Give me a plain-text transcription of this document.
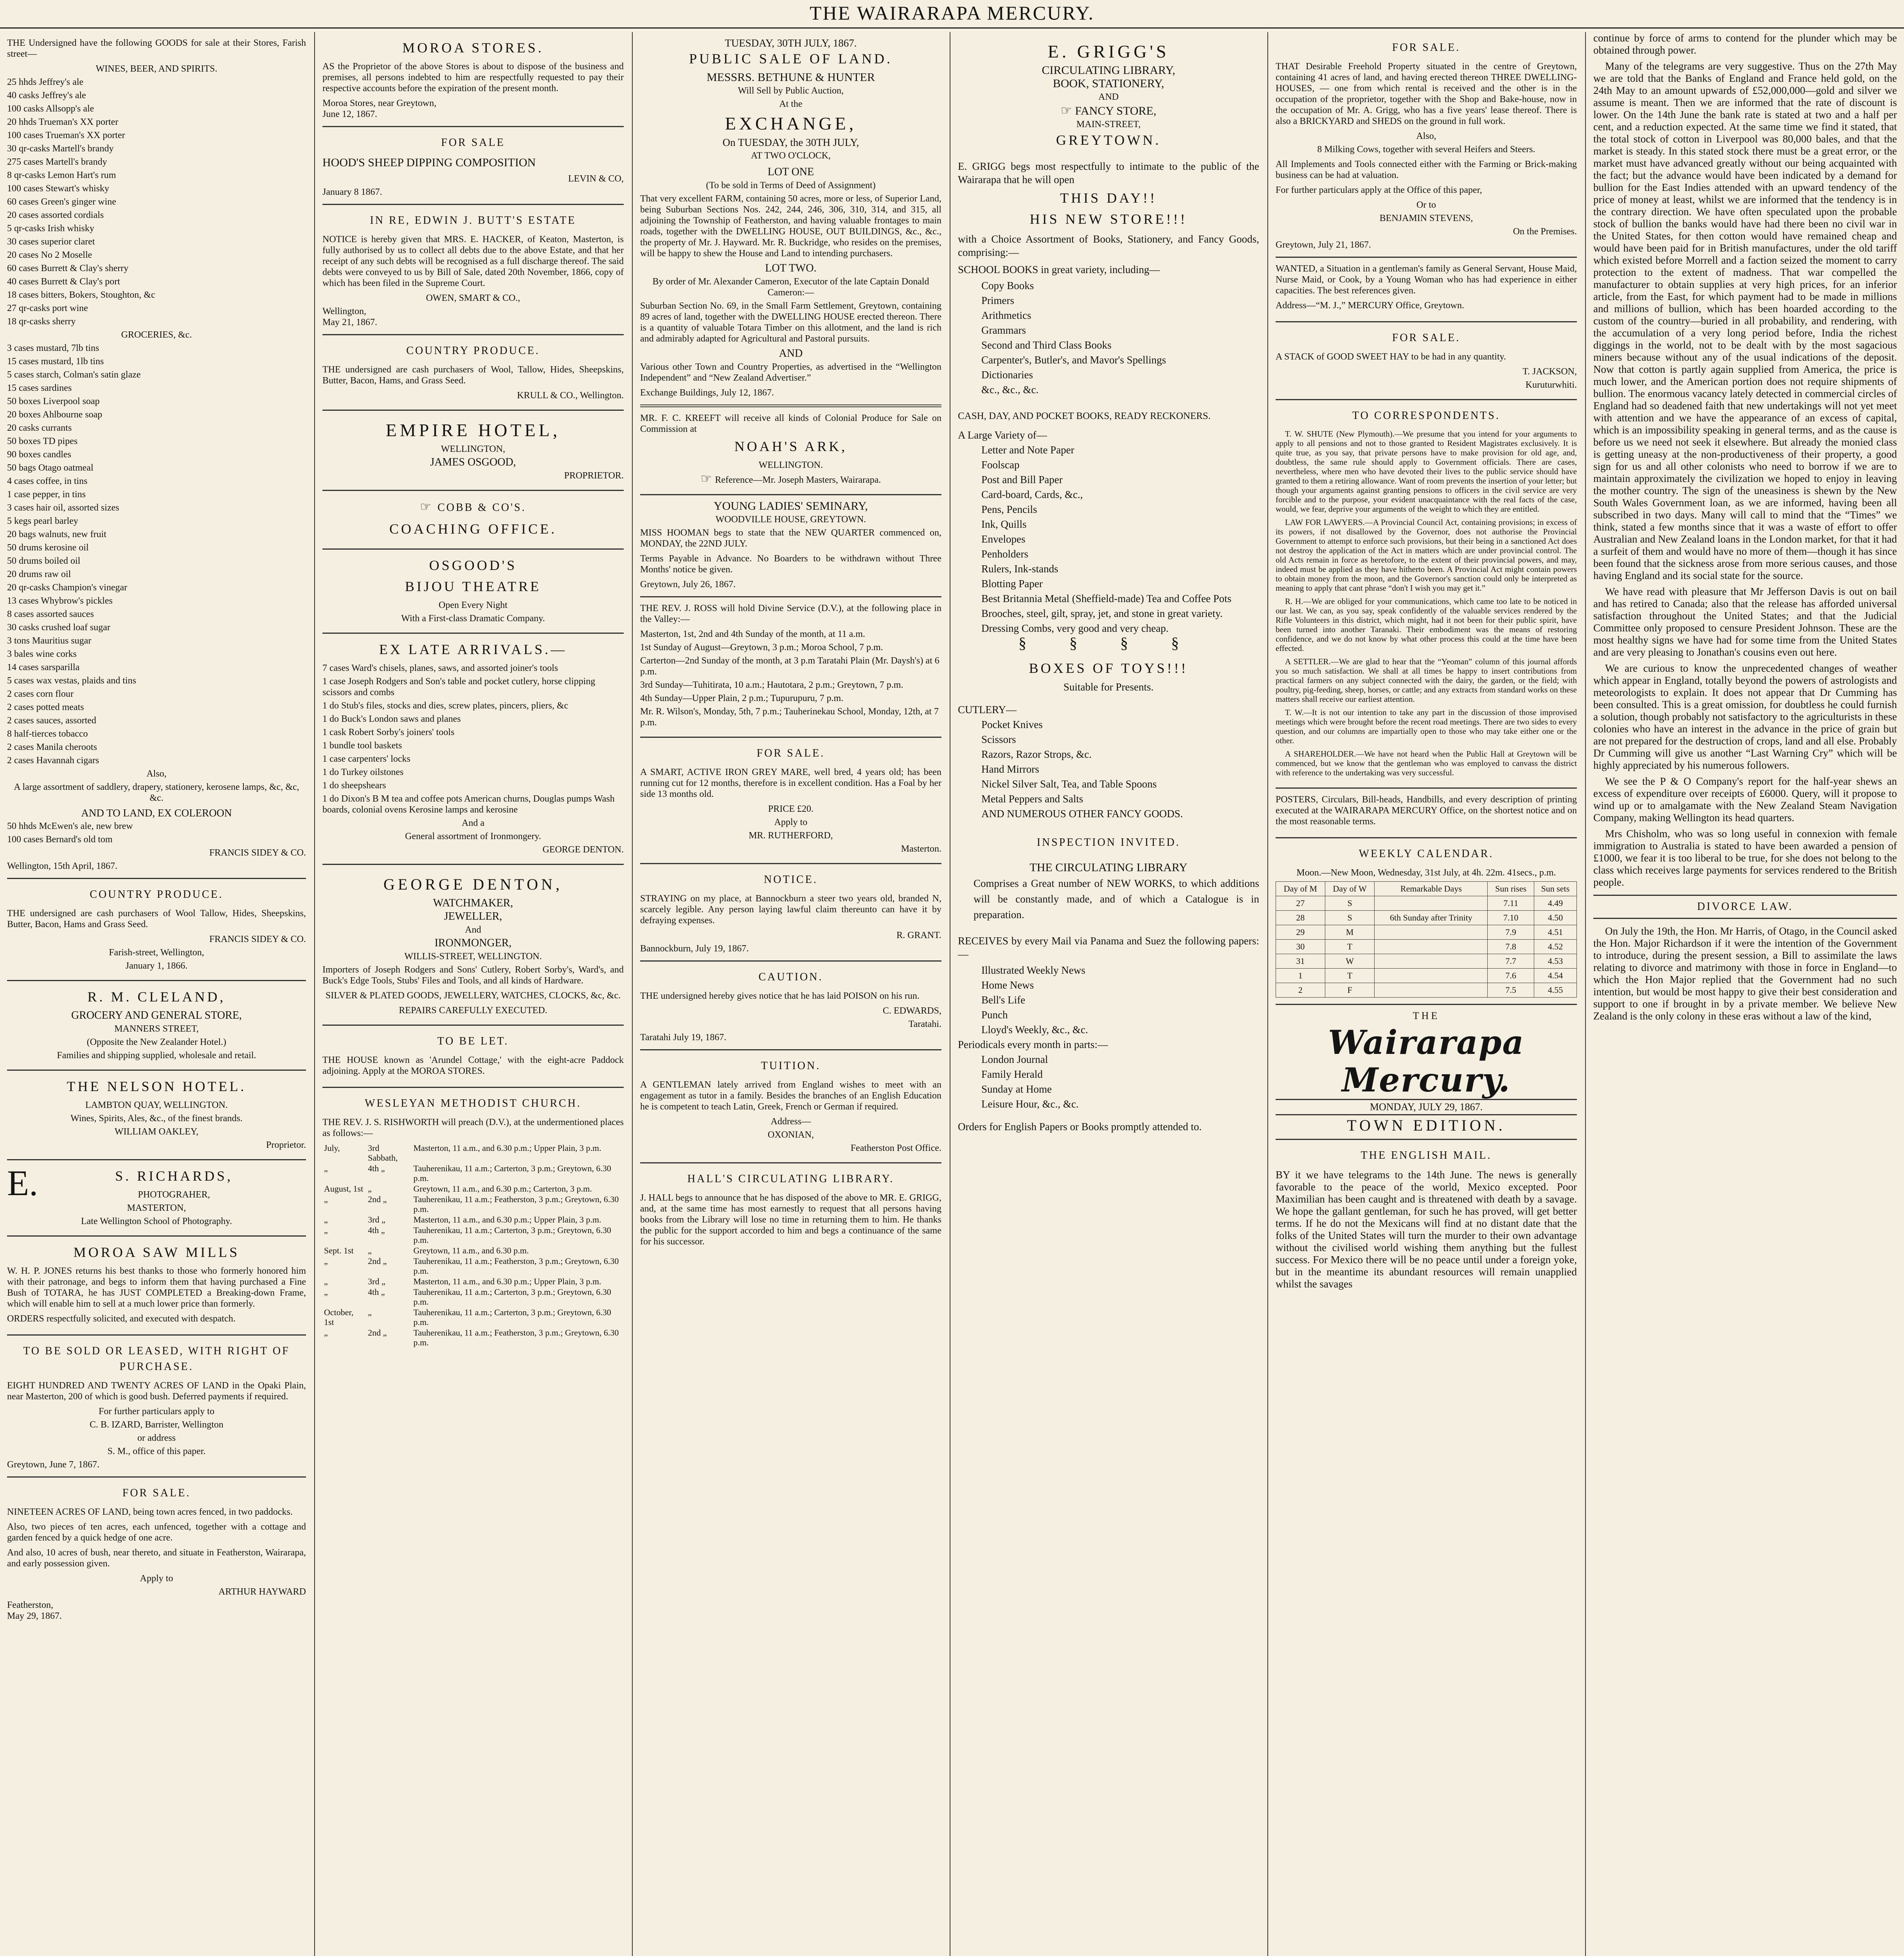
THE WAIRARAPA MERCURY.

THE Undersigned have the following GOODS for sale at their Stores, Farish street—

WINES, BEER, AND SPIRITS.
25 hhds Jeffrey's ale
40 casks Jeffrey's ale
100 casks Allsopp's ale
20 hhds Trueman's XX porter
100 cases Trueman's XX porter
30 qr-casks Martell's brandy
275 cases Martell's brandy
8 qr-casks Lemon Hart's rum
100 cases Stewart's whisky
60 cases Green's ginger wine
20 cases assorted cordials
5 qr-casks Irish whisky
30 cases superior claret
20 cases No 2 Moselle
60 cases Burrett & Clay's sherry
40 cases Burrett & Clay's port
18 cases bitters, Bokers, Stoughton, &c
27 qr-casks port wine
18 qr-casks sherry
GROCERIES, &c.
3 cases mustard, 7lb tins
15 cases mustard, 1lb tins
5 cases starch, Colman's satin glaze
15 cases sardines
50 boxes Liverpool soap
20 boxes Ahlbourne soap
20 casks currants
50 boxes TD pipes
90 boxes candles
50 bags Otago oatmeal
4 cases coffee, in tins
1 case pepper, in tins
3 cases hair oil, assorted sizes
5 kegs pearl barley
20 bags walnuts, new fruit
50 drums kerosine oil
50 drums boiled oil
20 drums raw oil
20 qr-casks Champion's vinegar
13 cases Whybrow's pickles
8 cases assorted sauces
30 casks crushed loaf sugar
3 tons Mauritius sugar
3 bales wine corks
14 cases sarsparilla
5 cases wax vestas, plaids and tins
2 cases corn flour
2 cases potted meats
2 cases sauces, assorted
8 half-tierces tobacco
2 cases Manila cheroots
2 cases Havannah cigars
Also,

A large assortment of saddlery, drapery, stationery, kerosene lamps, &c, &c, &c.

AND TO LAND, EX COLEROON
50 hhds McEwen's ale, new brew
100 cases Bernard's old tom
FRANCIS SIDEY & CO.
Wellington, 15th April, 1867.
COUNTRY PRODUCE.

THE undersigned are cash purchasers of Wool Tallow, Hides, Sheepskins, Butter, Bacon, Hams and Grass Seed.

FRANCIS SIDEY & CO.
Farish-street, Wellington,
January 1, 1866.
R. M. CLELAND,
GROCERY AND GENERAL STORE,
MANNERS STREET,
(Opposite the New Zealander Hotel.)
Families and shipping supplied, wholesale and retail.
THE NELSON HOTEL.
LAMBTON QUAY, WELLINGTON.
Wines, Spirits, Ales, &c., of the finest brands.
WILLIAM OAKLEY,
Proprietor.
E.	S. RICHARDS,
PHOTOGRAHER,
MASTERTON,
Late Wellington School of Photography.
MOROA SAW MILLS

W. H. P. JONES returns his best thanks to those who formerly honored him with their patronage, and begs to inform them that having purchased a Fine Bush of TOTARA, he has JUST COMPLETED a Breaking-down Frame, which will enable him to sell at a much lower price than formerly.

ORDERS respectfully solicited, and executed with despatch.

TO BE SOLD OR LEASED, WITH RIGHT OF PURCHASE.

EIGHT HUNDRED AND TWENTY ACRES OF LAND in the Opaki Plain, near Masterton, 200 of which is good bush. Deferred payments if required.

For further particulars apply to
C. B. IZARD, Barrister, Wellington
or address
S. M., office of this paper.
Greytown, June 7, 1867.
FOR SALE.

NINETEEN ACRES OF LAND, being town acres fenced, in two paddocks.

Also, two pieces of ten acres, each unfenced, together with a cottage and garden fenced by a quick hedge of one acre.

And also, 10 acres of bush, near thereto, and situate in Featherston, Wairarapa, and early possession given.

Apply to
ARTHUR HAYWARD
Featherston,
May 29, 1867.
MOROA STORES.

AS the Proprietor of the above Stores is about to dispose of the business and premises, all persons indebted to him are respectfully requested to pay their respective accounts before the expiration of the present month.

Moroa Stores, near Greytown,
June 12, 1867.
FOR SALE

HOOD'S SHEEP DIPPING COMPOSITION

LEVIN & CO,
January 8 1867.
IN RE, EDWIN J. BUTT'S ESTATE

NOTICE is hereby given that MRS. E. HACKER, of Keaton, Masterton, is fully authorised by us to collect all debts due to the above Estate, and that her receipt of any such debts will be recognised as a full discharge thereof. The said debts were conveyed to us by Bill of Sale, dated 20th November, 1866, copy of which has been filed in the Supreme Court.

OWEN, SMART & CO.,
Wellington,
May 21, 1867.
COUNTRY PRODUCE.

THE undersigned are cash purchasers of Wool, Tallow, Hides, Sheepskins, Butter, Bacon, Hams, and Grass Seed.

KRULL & CO., Wellington.
EMPIRE HOTEL,
WELLINGTON,
JAMES OSGOOD,
PROPRIETOR.
☞ COBB & CO'S.
COACHING OFFICE.
OSGOOD'S
BIJOU THEATRE
Open Every Night
With a First-class Dramatic Company.
EX LATE ARRIVALS.—
7 cases Ward's chisels, planes, saws, and assorted joiner's tools
1 case Joseph Rodgers and Son's table and pocket cutlery, horse clipping scissors and combs
1 do Stub's files, stocks and dies, screw plates, pincers, pliers, &c
1 do Buck's London saws and planes
1 cask Robert Sorby's joiners' tools
1 bundle tool baskets
1 case carpenters' locks
1 do Turkey oilstones
1 do sheepshears
1 do Dixon's B M tea and coffee pots American churns, Douglas pumps Wash boards, colonial ovens Kerosine lamps and kerosine
And a
General assortment of Ironmongery.
GEORGE DENTON.
GEORGE DENTON,
WATCHMAKER,
JEWELLER,
And
IRONMONGER,
WILLIS-STREET, WELLINGTON.

Importers of Joseph Rodgers and Sons' Cutlery, Robert Sorby's, Ward's, and Buck's Edge Tools, Stubs' Files and Tools, and all kinds of Hardware.

SILVER & PLATED GOODS, JEWELLERY, WATCHES, CLOCKS, &c, &c.

REPAIRS CAREFULLY EXECUTED.
TO BE LET.

THE HOUSE known as 'Arundel Cottage,' with the eight-acre Paddock adjoining. Apply at the MOROA STORES.

WESLEYAN METHODIST CHURCH.

THE REV. J. S. RISHWORTH will preach (D.V.), at the undermentioned places as follows:—

July,	3rd Sabbath,	Masterton, 11 a.m., and 6.30 p.m.; Upper Plain, 3 p.m.
„	4th „	Tauherenikau, 11 a.m.; Carterton, 3 p.m.; Greytown, 6.30 p.m.
August, 1st	„	Greytown, 11 a.m., and 6.30 p.m.; Carterton, 3 p.m.
„	2nd „	Tauherenikau, 11 a.m.; Featherston, 3 p.m.; Greytown, 6.30 p.m.
„	3rd „	Masterton, 11 a.m., and 6.30 p.m.; Upper Plain, 3 p.m.
„	4th „	Tauherenikau, 11 a.m.; Carterton, 3 p.m.; Greytown, 6.30 p.m.
Sept. 1st	„	Greytown, 11 a.m., and 6.30 p.m.
„	2nd „	Tauherenikau, 11 a.m.; Featherston, 3 p.m.; Greytown, 6.30 p.m.
„	3rd „	Masterton, 11 a.m., and 6.30 p.m.; Upper Plain, 3 p.m.
„	4th „	Tauherenikau, 11 a.m.; Carterton, 3 p.m.; Greytown, 6.30 p.m.
October, 1st	„	Tauherenikau, 11 a.m.; Carterton, 3 p.m.; Greytown, 6.30 p.m.
„	2nd „	Tauherenikau, 11 a.m.; Featherston, 3 p.m.; Greytown, 6.30 p.m.
TUESDAY, 30TH JULY, 1867.
PUBLIC SALE OF LAND.
MESSRS. BETHUNE & HUNTER
Will Sell by Public Auction,
At the
EXCHANGE,
On TUESDAY, the 30TH JULY,
AT TWO O'CLOCK,
LOT ONE
(To be sold in Terms of Deed of Assignment)

That very excellent FARM, containing 50 acres, more or less, of Superior Land, being Suburban Sections Nos. 242, 244, 246, 306, 310, 314, and 315, all adjoining the Township of Featherston, and having valuable frontages to main roads, together with the DWELLING HOUSE, OUT BUILDINGS, &c., &c., the property of Mr. J. Hayward. Mr. R. Buckridge, who resides on the premises, will be happy to shew the House and Land to intending purchasers.

LOT TWO.
By order of Mr. Alexander Cameron, Executor of the late Captain Donald Cameron:—

Suburban Section No. 69, in the Small Farm Settlement, Greytown, containing 89 acres of land, together with the DWELLING HOUSE erected thereon. There is a quantity of valuable Totara Timber on this allotment, and the land is rich and admirably adapted for Agricultural and Pastoral pursuits.

AND

Various other Town and Country Properties, as advertised in the “Wellington Independent” and “New Zealand Advertiser.”

Exchange Buildings, July 12, 1867.

MR. F. C. KREEFT will receive all kinds of Colonial Produce for Sale on Commission at

NOAH'S ARK,
WELLINGTON.
☞ Reference—Mr. Joseph Masters, Wairarapa.
YOUNG LADIES' SEMINARY,
WOODVILLE HOUSE, GREYTOWN.

MISS HOOMAN begs to state that the NEW QUARTER commenced on, MONDAY, the 22ND JULY.

Terms Payable in Advance. No Boarders to be withdrawn without Three Months' notice be given.

Greytown, July 26, 1867.

THE REV. J. ROSS will hold Divine Service (D.V.), at the following place in the Valley:—

Masterton, 1st, 2nd and 4th Sunday of the month, at 11 a.m.
1st Sunday of August—Greytown, 3 p.m.; Moroa School, 7 p.m.
Carterton—2nd Sunday of the month, at 3 p.m Taratahi Plain (Mr. Daysh's) at 6 p.m.
3rd Sunday—Tuhitirata, 10 a.m.; Hautotara, 2 p.m.; Greytown, 7 p.m.
4th Sunday—Upper Plain, 2 p.m.; Tupurupuru, 7 p.m.
Mr. R. Wilson's, Monday, 5th, 7 p.m.; Tauherinekau School, Monday, 12th, at 7 p.m.
FOR SALE.

A SMART, ACTIVE IRON GREY MARE, well bred, 4 years old; has been running cut for 12 months, therefore is in excellent condition. Has a Foal by her side 13 months old.

PRICE £20.
Apply to
MR. RUTHERFORD,
Masterton.
NOTICE.

STRAYING on my place, at Bannockburn a steer two years old, branded N, scarcely legible. Any person laying lawful claim thereunto can have it by defraying expenses.

R. GRANT.
Bannockburn, July 19, 1867.
CAUTION.

THE undersigned hereby gives notice that he has laid POISON on his run.

C. EDWARDS,
Taratahi.
Taratahi July 19, 1867.
TUITION.

A GENTLEMAN lately arrived from England wishes to meet with an engagement as tutor in a family. Besides the branches of an English Education he is competent to teach Latin, Greek, French or German if required.

Address—
OXONIAN,
Featherston Post Office.
HALL'S CIRCULATING LIBRARY.

J. HALL begs to announce that he has disposed of the above to MR. E. GRIGG, and, at the same time has most earnestly to request that all persons having books from the Library will lose no time in returning them to him. He thanks the public for the support accorded to him and begs a continuance of the same for his successor.

E. GRIGG'S
CIRCULATING LIBRARY,
BOOK, STATIONERY,
AND
☞ FANCY STORE,
MAIN-STREET,
GREYTOWN.

E. GRIGG begs most respectfully to intimate to the public of the Wairarapa that he will open

THIS DAY!!
HIS NEW STORE!!!

with a Choice Assortment of Books, Stationery, and Fancy Goods, comprising:—

SCHOOL BOOKS in great variety, including—

Copy Books
Primers
Arithmetics
Grammars
Second and Third Class Books
Carpenter's, Butler's, and Mavor's Spellings
Dictionaries
&c., &c., &c.

CASH, DAY, AND POCKET BOOKS, READY RECKONERS.

A Large Variety of—

Letter and Note Paper
Foolscap
Post and Bill Paper
Card-board, Cards, &c.,
Pens, Pencils
Ink, Quills
Envelopes
Penholders
Rulers, Ink-stands
Blotting Paper
Best Britannia Metal (Sheffield-made) Tea and Coffee Pots
Brooches, steel, gilt, spray, jet, and stone in great variety.
Dressing Combs, very good and very cheap.
§ § § §
BOXES OF TOYS!!!
Suitable for Presents.

CUTLERY—

Pocket Knives
Scissors
Razors, Razor Strops, &c.
Hand Mirrors
Nickel Silver Salt, Tea, and Table Spoons
Metal Peppers and Salts
AND NUMEROUS OTHER FANCY GOODS.
INSPECTION INVITED.
THE CIRCULATING LIBRARY

Comprises a Great number of NEW WORKS, to which additions will be constantly made, and of which a Catalogue is in preparation.

RECEIVES by every Mail via Panama and Suez the following papers:—

Illustrated Weekly News
Home News
Bell's Life
Punch
Lloyd's Weekly, &c., &c.

Periodicals every month in parts:—

London Journal
Family Herald
Sunday at Home
Leisure Hour, &c., &c.

Orders for English Papers or Books promptly attended to.

FOR SALE.

THAT Desirable Freehold Property situated in the centre of Greytown, containing 41 acres of land, and having erected thereon THREE DWELLING-HOUSES, — one from which rental is received and the other is in the occupation of the proprietor, together with the Shop and Bake-house, now in the occupation of Mr. A. Grigg, who has a five years' lease thereof. There is also a BRICKYARD and SHEDS on the ground in full work.

Also,

8 Milking Cows, together with several Heifers and Steers.

All Implements and Tools connected either with the Farming or Brick-making business can be had at valuation.

For further particulars apply at the Office of this paper,

Or to
BENJAMIN STEVENS,
On the Premises.
Greytown, July 21, 1867.

WANTED, a Situation in a gentleman's family as General Servant, House Maid, Nurse Maid, or Cook, by a Young Woman who has had experience in either capacities. The best references given.

Address—“M. J.,” MERCURY Office, Greytown.

FOR SALE.

A STACK of GOOD SWEET HAY to be had in any quantity.

T. JACKSON,
Kuruturwhiti.
TO CORRESPONDENTS.

T. W. SHUTE (New Plymouth).—We presume that you intend for your arguments to apply to all pensions and not to those granted to Resident Magistrates exclusively. It is quite true, as you say, that private persons have to make provision for old age, and, doubtless, the same rule should apply to Government officials. There are cases, nevertheless, where men who have devoted their lives to the public service should have granted to them a retiring allowance. Want of room prevents the insertion of your letter; but though your arguments against granting pensions to officers in the civil service are very forcible and to the purpose, your evident unacquaintance with the real facts of the case, would, we fear, deprive your arguments of the weight to which they are entitled.

LAW FOR LAWYERS.—A Provincial Council Act, containing provisions; in excess of its powers, if not disallowed by the Governor, does not authorise the Provincial Government to attempt to enforce such provisions, but their being in a sanctioned Act does not destroy the application of the Act in matters which are under provincial control. The old Acts remain in force as heretofore, to the extent of their provincial powers, and may, indeed must be applied as they have hitherto been. A Provincial Act might contain powers to obtain money from the moon, and the Governor's sanction could only be interpreted as meaning to apply that cant phrase “don't I wish you may get it.”

R. H.—We are obliged for your communications, which came too late to be noticed in our last. We can, as you say, speak confidently of the valuable services rendered by the Rifle Volunteers in this district, which might, had it not been for their public spirit, have been turned into another Taranaki. Their embodiment was the means of restoring confidence, and we do not know by what other process this could at the time have been effected.

A SETTLER.—We are glad to hear that the “Yeoman” column of this journal affords you so much satisfaction. We shall at all times be happy to insert contributions from practical farmers on any subject connected with the dairy, the garden, or the field; with poultry, pig-feeding, sheep, horses, or cattle; and any extracts from standard works on these matters shall receive our earliest attention.

T. W.—It is not our intention to take any part in the discussion of those improvised meetings which were brought before the recent road meetings. There are two sides to every question, and our columns are impartially open to those who may take either one or the other.

A SHAREHOLDER.—We have not heard when the Public Hall at Greytown will be commenced, but we know that the gentleman who was employed to canvass the district with reference to the undertaking was very successful.

POSTERS, Circulars, Bill-heads, Handbills, and every description of printing executed at the WAIRARAPA MERCURY Office, on the shortest notice and on the most reasonable terms.

WEEKLY CALENDAR.
Moon.—New Moon, Wednesday, 31st July, at 4h. 22m. 41secs., p.m.
Day of M	Day of W	Remarkable Days	Sun rises	Sun sets
27	S		7.11	4.49
28	S	6th Sunday after Trinity	7.10	4.50
29	M		7.9	4.51
30	T		7.8	4.52
31	W		7.7	4.53
1	T		7.6	4.54
2	F		7.5	4.55
THE
Wairarapa Mercury.
MONDAY, JULY 29, 1867.
TOWN EDITION.
THE ENGLISH MAIL.

BY it we have telegrams to the 14th June. The news is generally favorable to the peace of the world, Mexico excepted. Poor Maximilian has been caught and is threatened with death by a savage. We hope the gallant gentleman, for such he has proved, will get better terms. If he do not the Mexicans will find at no distant date that the folks of the United States will turn the murder to their own advantage without the civilised world wishing them anything but the fullest success. For Mexico there will be no peace until under a foreign yoke, but in the meantime its abundant resources will remain unapplied whilst the savages

continue by force of arms to contend for the plunder which may be obtained through power.

Many of the telegrams are very suggestive. Thus on the 27th May we are told that the Banks of England and France held gold, on the 24th May to an amount upwards of £52,000,000—gold and silver we assume is meant. Then we are informed that the rate of discount is lower. On the 14th June the bank rate is stated at two and a half per cent, and a reduction expected. At the same time we find it stated, that the total stock of cotton in Liverpool was 80,000 bales, and that the market is steady. In this stated stock there must be a great error, or the market must have advanced greatly without our being acquainted with the fact; but the advance would have been indicated by a demand for bullion for the East Indies attended with an upward tendency of the price of money at least, whilst we are informed that the tendency is in the contrary direction. We have often speculated upon the probable stock of bullion the banks would have had there been no civil war in the United States, for then cotton would have remained cheap and would have been paid for in British manufactures, under the old tariff which existed before Morrell and a faction seized the moment to carry protection to the extent of madness. That war compelled the manufacturer to obtain supplies at very high prices, for an inferior article, from the East, for which payment had to be made in millions and millions of bullion, which has been hoarded according to the custom of the country—buried in all probability, and rendering, with the accumulation of a very long period before, India the richest diggings in the world, not to be dealt with by the most sagacious miners because without any of the usual indications of the deposit. Now that cotton is partly again supplied from America, the price is much lower, and the American portion does not require shipments of bullion. The enormous vacancy lately detected in commercial circles of England had so deadened faith that new undertakings will not yet meet with attention and we have the appearance of an excess of capital, which is an impossibility speaking in general terms, and as the cause is before us we need not seek it elsewhere. But already the monied class is getting uneasy at the non-productiveness of their property, a good sign for us and all other colonists who need to borrow if we are to maintain approximately the civilization we hoped to enjoy in leaving the mother country. The sign of the uneasiness is shewn by the New South Wales Government loan, as we are informed, having been all subscribed in two days. Many will call to mind that the “Times” we think, stated a few months since that it was a waste of effort to offer Australian and New Zealand loans in the London market, for that it had a surfeit of them and would have no more of them—though it has since been found that the sickness arose from more serious causes, and those having England and its social state for the source.

We have read with pleasure that Mr Jefferson Davis is out on bail and has retired to Canada; also that the release has afforded universal satisfaction throughout the United States; and that the Judicial Committee only proposed to censure President Johnson. These are the most healthy signs we have had for some time from the United States and are very pleasing to Jonathan's cousins even out here.

We are curious to know the unprecedented changes of weather which appear in England, totally beyond the powers of astrologists and meteorologists to explain. It does not appear that Dr Cumming has been consulted. This is a great omission, for doubtless he could furnish a solution, though probably not satisfactory to the agriculturists in these colonies who have an interest in the advance in the price of grain but are not prepared for the destruction of crops, land and all else. Probably Dr Cumming will give us another “Last Warning Cry” which will be highly appreciated by his numerous followers.

We see the P & O Company's report for the half-year shews an excess of expenditure over receipts of £6000. Query, will it propose to wind up or to amalgamate with the New Zealand Steam Navigation Company, making Wellington its head quarters.

Mrs Chisholm, who was so long useful in connexion with female immigration to Australia is stated to have been awarded a pension of £1000, we fear it is too liberal to be true, for she does not belong to the class which receives large payments for services rendered to the British people.

DIVORCE LAW.

On July the 19th, the Hon. Mr Harris, of Otago, in the Council asked the Hon. Major Richardson if it were the intention of the Government to introduce, during the present session, a Bill to assimilate the laws relating to divorce and matrimony with those in force in England—to which the Hon Major replied that the Government had no such intention, but would be most happy to give their best consideration and support to one if brought in by a private member. We believe New Zealand is the only colony in these eras without a law of the kind,
